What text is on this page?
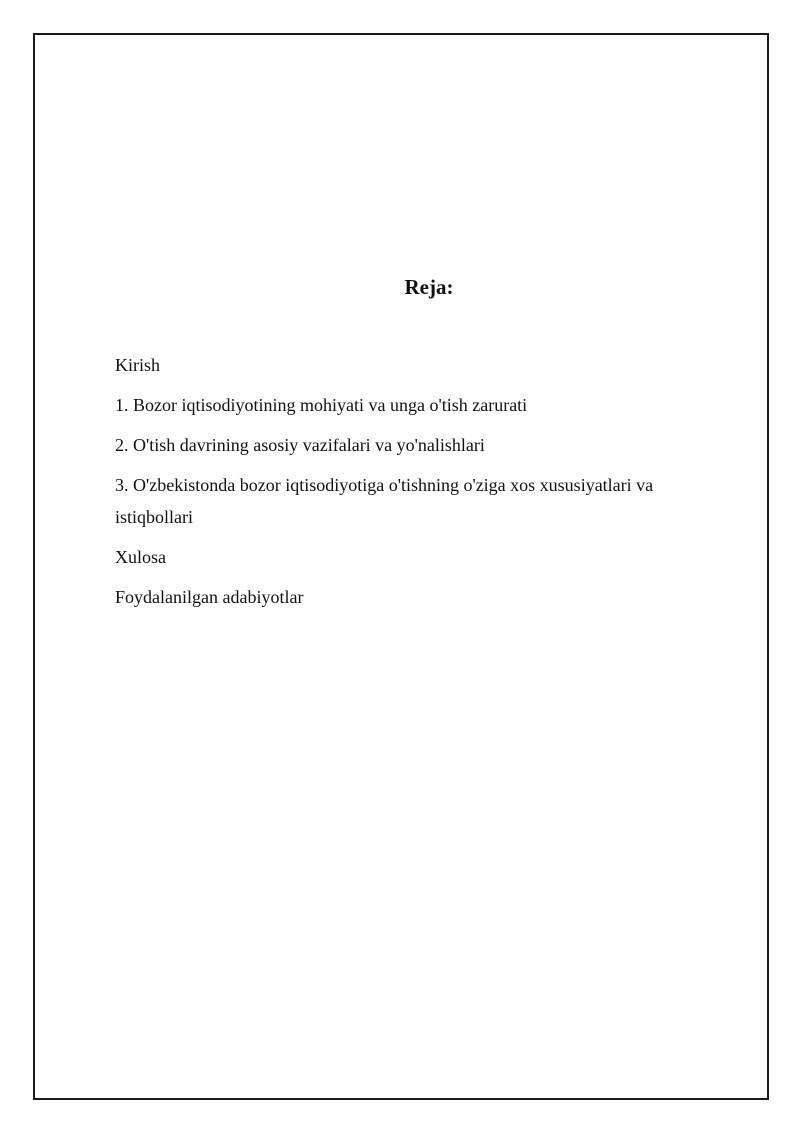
Reja:
Kirish
1. Bozor iqtisodiyotining mohiyati va unga o'tish zarurati
2. O'tish davrining asosiy vazifalari va yo'nalishlari
3. O'zbekistonda bozor iqtisodiyotiga o'tishning o'ziga xos xususiyatlari va istiqbollari
Xulosa
Foydalanilgan adabiyotlar
